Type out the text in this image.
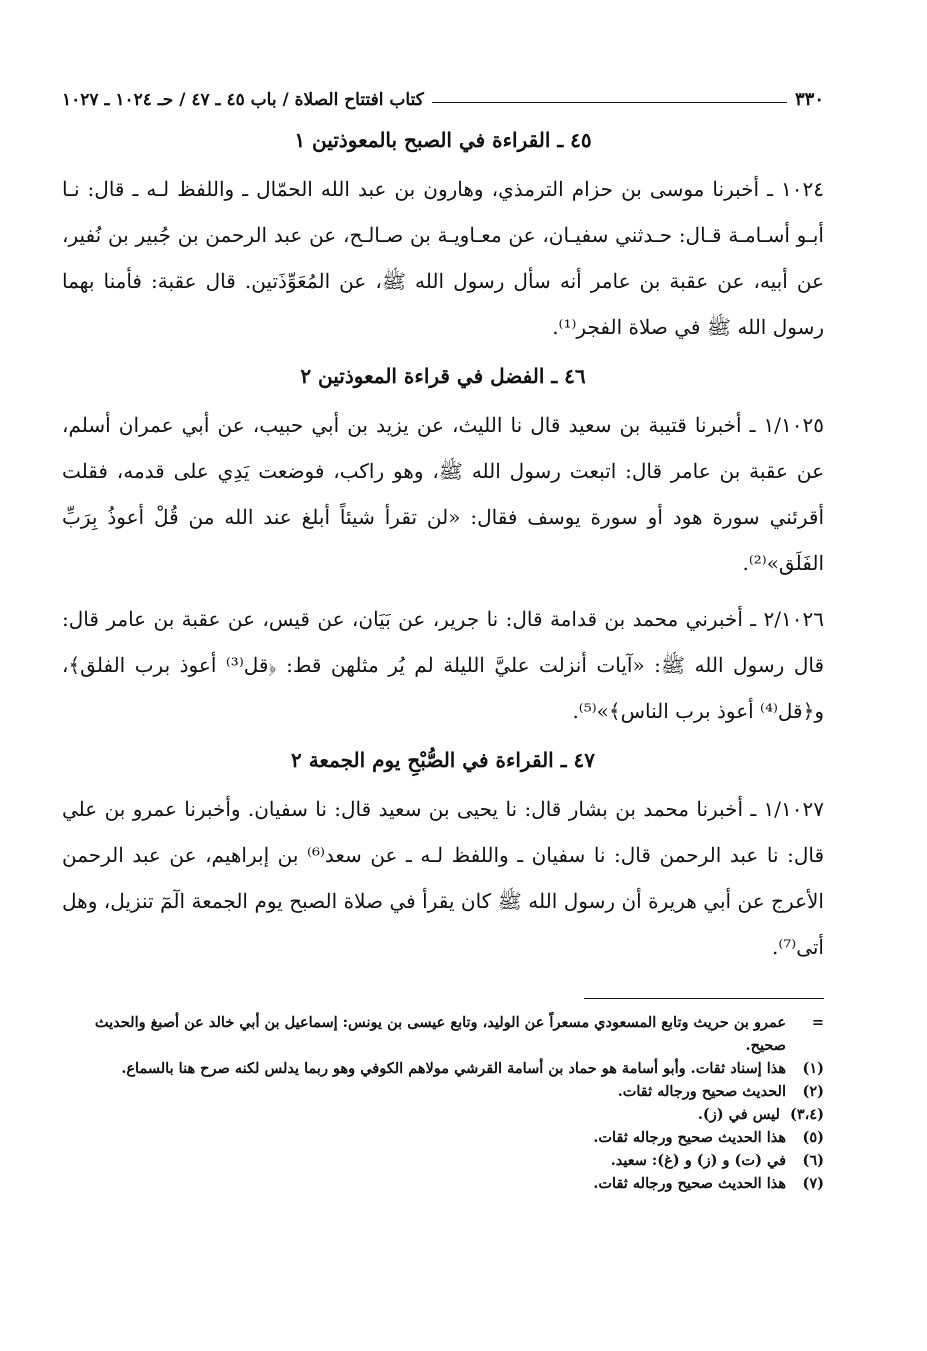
٣٣٠
كتاب افتتاح الصلاة / باب ٤٥ ـ ٤٧ / حـ ١٠٢٤ ـ ١٠٢٧
٤٥ ـ القراءة في الصبح بالمعوذتين ١

١٠٢٤ ـ أخبرنا موسى بن حزام الترمذي، وهارون بن عبد الله الحمّال ـ واللفظ لـه ـ قال: نـا أبـو أسـامـة قـال: حـدثني سفيـان، عن معـاويـة بن صـالـح، عن عبد الرحمن بن جُبير بن نُفير، عن أبيه، عن عقبة بن عامر أنه سأل رسول الله ﷺ، عن المُعَوِّذَتين. قال عقبة: فأمنا بهما رسول الله ﷺ في صلاة الفجر⁽¹⁾.

٤٦ ـ الفضل في قراءة المعوذتين ٢

١/١٠٢٥ ـ أخبرنا قتيبة بن سعيد قال نا الليث، عن يزيد بن أبي حبيب، عن أبي عمران أسلم، عن عقبة بن عامر قال: اتبعت رسول الله ﷺ، وهو راكب، فوضعت يَدِي على قدمه، فقلت أقرئني سورة هود أو سورة يوسف فقال: «لن تقرأ شيئاً أبلغ عند الله من قُلْ أعوذُ بِرَبِّ الفَلَق»⁽²⁾.

٢/١٠٢٦ ـ أخبرني محمد بن قدامة قال: نا جرير، عن بَيَان، عن قيس، عن عقبة بن عامر قال: قال رسول الله ﷺ: «آيات أنزلت عليَّ الليلة لم يُر مثلهن قط: ﴿قل⁽³⁾ أعوذ برب الفلق﴾، و﴿قل⁽⁴⁾ أعوذ برب الناس﴾»⁽⁵⁾.

٤٧ ـ القراءة في الصُّبْحِ يوم الجمعة ٢

١/١٠٢٧ ـ أخبرنا محمد بن بشار قال: نا يحيى بن سعيد قال: نا سفيان. وأخبرنا عمرو بن علي قال: نا عبد الرحمن قال: نا سفيان ـ واللفظ لـه ـ عن سعد⁽⁶⁾ بن إبراهيم، عن عبد الرحمن الأعرج عن أبي هريرة أن رسول الله ﷺ كان يقرأ في صلاة الصبح يوم الجمعة الٓمٓ تنزيل، وهل أتى⁽⁷⁾.

=
عمرو بن حريث وتابع المسعودي مسعراً عن الوليد، وتابع عيسى بن يونس: إسماعيل بن أبي خالد عن أصبغ والحديث صحيح.

(١)
هذا إسناد ثقات. وأبو أسامة هو حماد بن أسامة القرشي مولاهم الكوفي وهو ربما يدلس لكنه صرح هنا بالسماع.

(٢)
الحديث صحيح ورجاله ثقات.

(٣،٤)
ليس في (ز).

(٥)
هذا الحديث صحيح ورجاله ثقات.

(٦)
في (ت) و (ز) و (غ): سعيد.

(٧)
هذا الحديث صحيح ورجاله ثقات.
